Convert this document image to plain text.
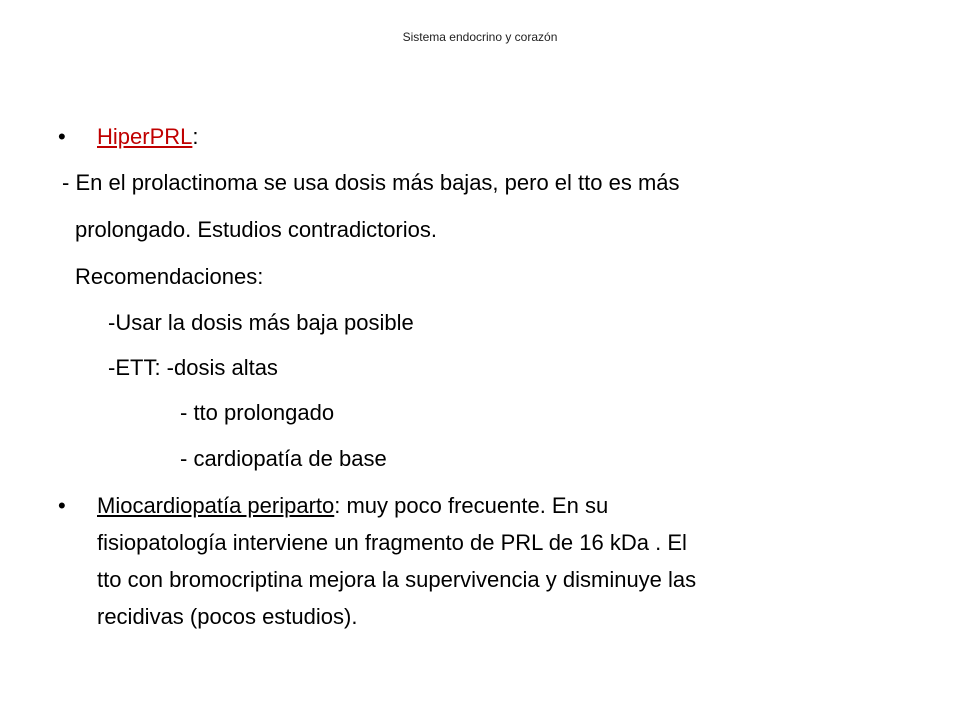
Sistema endocrino y corazón
• HiperPRL:
- En el prolactinoma se usa dosis más bajas, pero el tto es más
prolongado. Estudios contradictorios.
Recomendaciones:
-Usar la dosis más baja posible
-ETT: -dosis altas
- tto prolongado
- cardiopatía de base
• Miocardiopatía periparto: muy poco frecuente. En su
fisiopatología interviene un fragmento de PRL de 16 kDa . El
tto con bromocriptina mejora la supervivencia y disminuye las
recidivas (pocos estudios).
